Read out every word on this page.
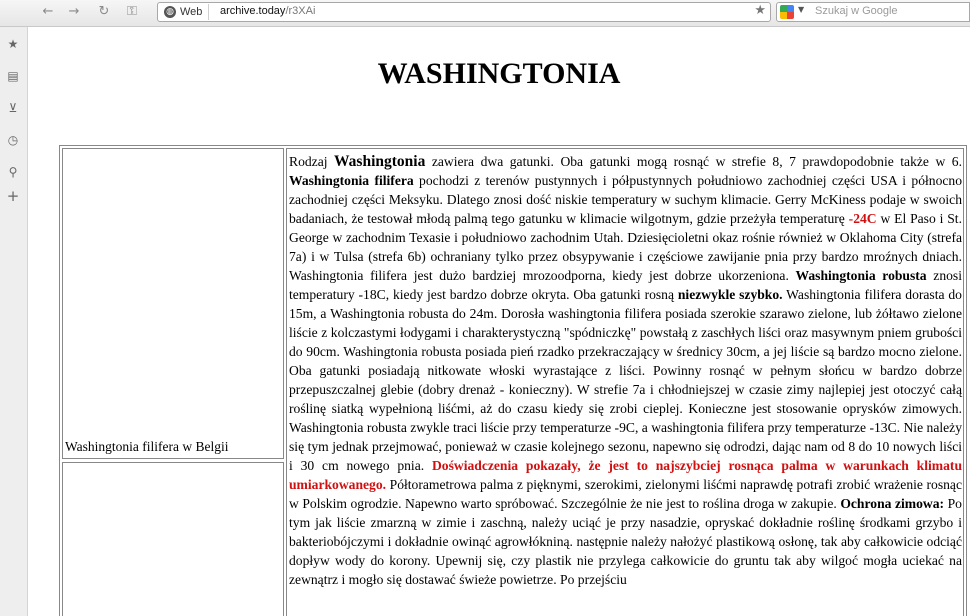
←	→	↻	⚿	◍ Web archive.today/r3XAi	★	▼ Szukaj w Google
★
▤
⊻
◷
⚲
+
WASHINGTONIA
Washingtonia filifera w Belgii

Rodzaj Washingtonia zawiera dwa gatunki. Oba gatunki mogą rosnąć w strefie 8, 7 prawdopodobnie także w 6. Washingtonia filifera pochodzi z terenów pustynnych i półpustynnych południowo zachodniej części USA i północno zachodniej części Meksyku. Dlatego znosi dość niskie temperatury w suchym klimacie. Gerry McKiness podaje w swoich badaniach, że testował młodą palmą tego gatunku w klimacie wilgotnym, gdzie przeżyła temperaturę -24C w El Paso i St. George w zachodnim Texasie i południowo zachodnim Utah. Dziesięcioletni okaz rośnie również w Oklahoma City (strefa 7a) i w Tulsa (strefa 6b) ochraniany tylko przez obsypywanie i częściowe zawijanie pnia przy bardzo mroźnych dniach. Washingtonia filifera jest dużo bardziej mrozoodporna, kiedy jest dobrze ukorzeniona. Washingtonia robusta znosi temperatury -18C, kiedy jest bardzo dobrze okryta. Oba gatunki rosną niezwykle szybko. Washingtonia filifera dorasta do 15m, a Washingtonia robusta do 24m. Dorosła washingtonia filifera posiada szerokie szarawo zielone, lub żółtawo zielone liście z kolczastymi łodygami i charakterystyczną "spódniczkę" powstałą z zaschłych liści oraz masywnym pniem grubości do 90cm. Washingtonia robusta posiada pień rzadko przekraczający w średnicy 30cm, a jej liście są bardzo mocno zielone. Oba gatunki posiadają nitkowate włoski wyrastające z liści. Powinny rosnąć w pełnym słońcu w bardzo dobrze przepuszczalnej glebie (dobry drenaż - konieczny). W strefie 7a i chłodniejszej w czasie zimy najlepiej jest otoczyć całą roślinę siatką wypełnioną liśćmi, aż do czasu kiedy się zrobi cieplej. Konieczne jest stosowanie oprysków zimowych. Washingtonia robusta zwykle traci liście przy temperaturze -9C, a washingtonia filifera przy temperaturze -13C. Nie należy się tym jednak przejmować, ponieważ w czasie kolejnego sezonu, napewno się odrodzi, dając nam od 8 do 10 nowych liści i 30 cm nowego pnia. Doświadczenia pokazały, że jest to najszybciej rosnąca palma w warunkach klimatu umiarkowanego. Półtorametrowa palma z pięknymi, szerokimi, zielonymi liśćmi naprawdę potrafi zrobić wrażenie rosnąc w Polskim ogrodzie. Napewno warto spróbować. Szczególnie że nie jest to roślina droga w zakupie. Ochrona zimowa: Po tym jak liście zmarzną w zimie i zaschną, należy uciąć je przy nasadzie, opryskać dokładnie roślinę środkami grzybo i bakteriobójczymi i dokładnie owinąć agrowłókniną. następnie należy nałożyć plastikową osłonę, tak aby całkowicie odciąć dopływ wody do korony. Upewnij się, czy plastik nie przylega całkowicie do gruntu tak aby wilgoć mogła uciekać na zewnątrz i mogło się dostawać świeże powietrze. Po przejściu
